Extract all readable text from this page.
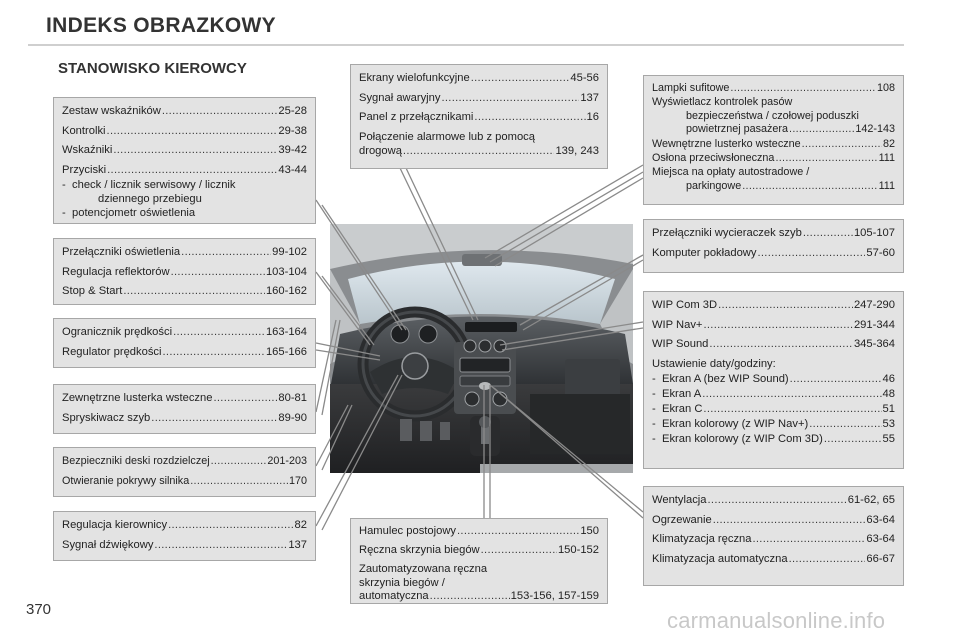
INDEKS OBRAZKOWY
STANOWISKO KIEROWCY
Zestaw wskaźników .....	25-28
Kontrolki .....	29-38
Wskaźniki .....	39-42
Przyciski .....	43-44
- check / licznik serwisowy / licznik
dziennego przebiegu
- potencjometr oświetlenia
Przełączniki oświetlenia .....	99-102
Regulacja reflektorów .....	103-104
Stop & Start .....	160-162
Ogranicznik prędkości .....	163-164
Regulator prędkości .....	165-166
Zewnętrzne lusterka wsteczne .....	80-81
Spryskiwacz szyb .....	89-90
Bezpieczniki deski rozdzielczej .....	201-203
Otwieranie pokrywy silnika .....	170
Regulacja kierownicy .....	82
Sygnał dźwiękowy .....	137
Ekrany wielofunkcyjne .....	45-56
Sygnał awaryjny .....	137
Panel z przełącznikami .....	16
Połączenie alarmowe lub z pomocą
drogową .....	139, 243
Lampki sufitowe .....	108
Wyświetlacz kontrolek pasów
bezpieczeństwa / czołowej poduszki
powietrznej pasażera .....	142-143
Wewnętrzne lusterko wsteczne .....	82
Osłona przeciwsłoneczna .....	111
Miejsca na opłaty autostradowe /
parkingowe .....	111
Przełączniki wycieraczek szyb .....	105-107
Komputer pokładowy .....	57-60
WIP Com 3D .....	247-290
WIP Nav+ .....	291-344
WIP Sound .....	345-364
Ustawienie daty/godziny:
- Ekran A (bez WIP Sound) .....	46
- Ekran A .....	48
- Ekran C .....	51
- Ekran kolorowy (z WIP Nav+) .....	53
- Ekran kolorowy (z WIP Com 3D) .....	55
Wentylacja .....	61-62, 65
Ogrzewanie .....	63-64
Klimatyzacja ręczna .....	63-64
Klimatyzacja automatyczna .....	66-67
Hamulec postojowy .....	150
Ręczna skrzynia biegów .....	150-152
Zautomatyzowana ręczna
skrzynia biegów /
automatyczna .....	153-156, 157-159
370	carmanualsonline.info
